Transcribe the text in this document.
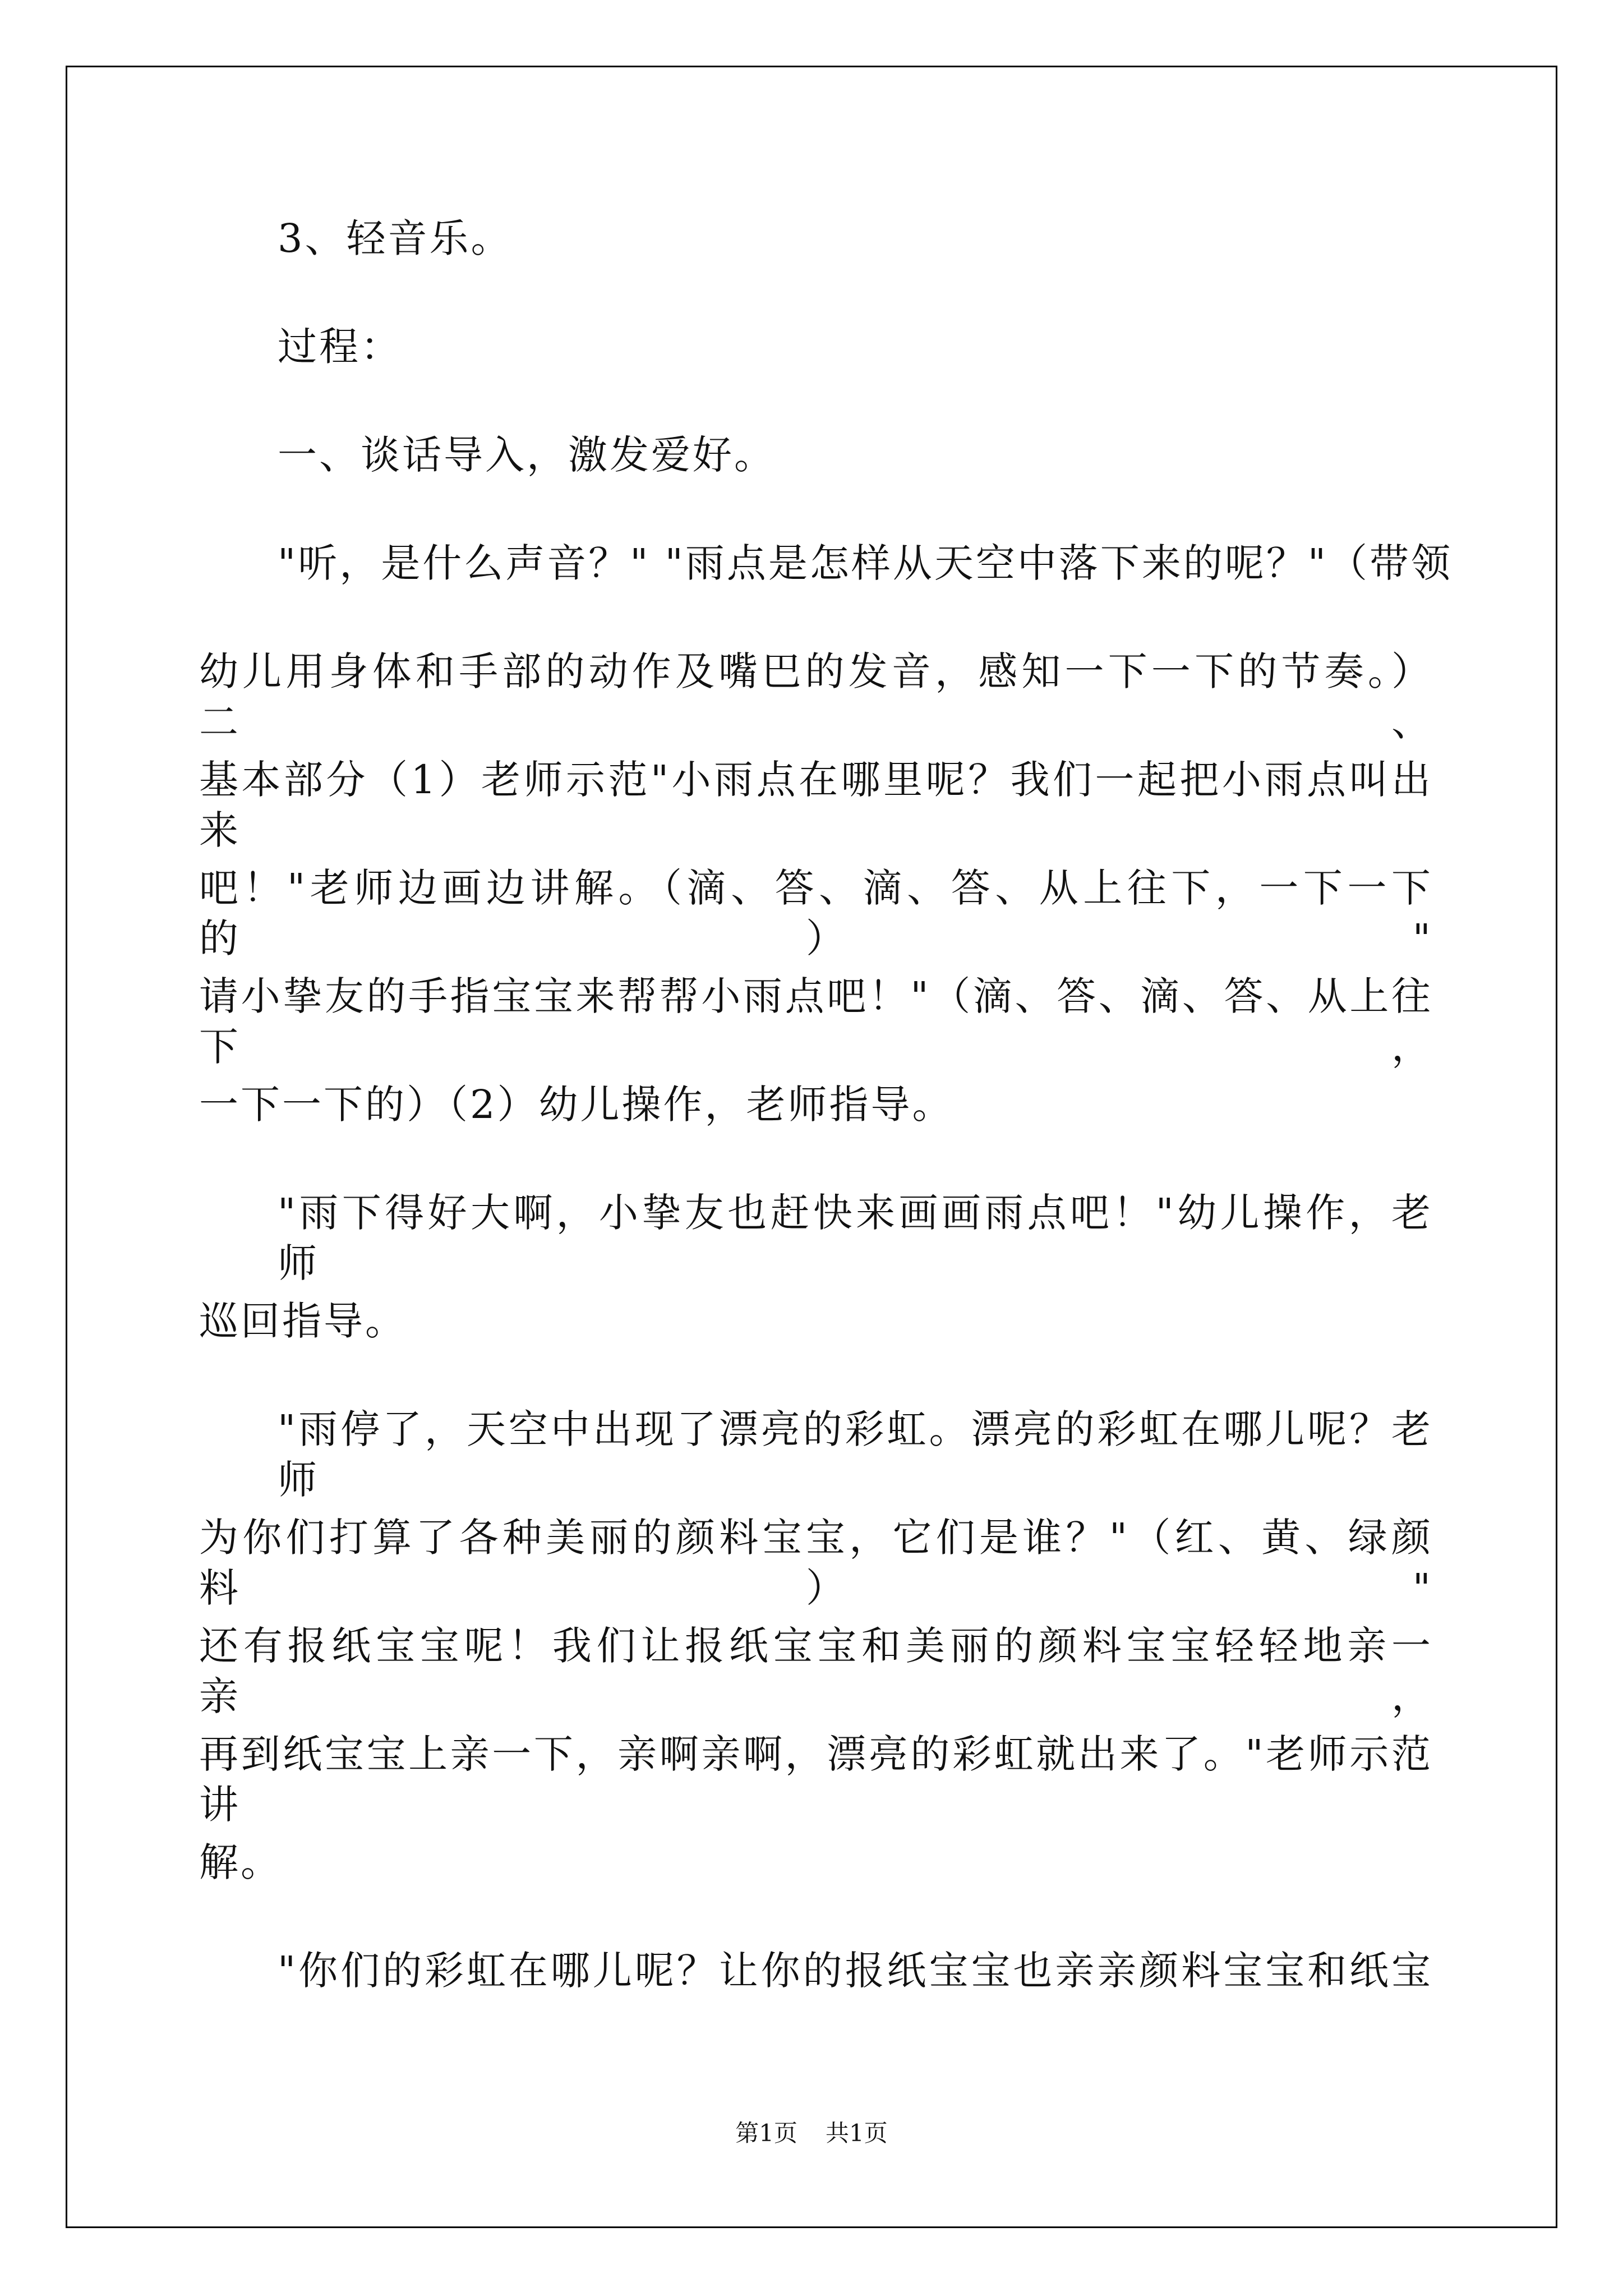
3、轻音乐。
过程：
一、谈话导入，激发爱好。
"听，是什么声音？" "雨点是怎样从天空中落下来的呢？"（带领
幼儿用身体和手部的动作及嘴巴的发音，感知一下一下的节奏。）二、
基本部分（1）老师示范"小雨点在哪里呢？我们一起把小雨点叫出来
吧！"老师边画边讲解。（滴、答、滴、答、从上往下，一下一下的）"
请小挚友的手指宝宝来帮帮小雨点吧！"（滴、答、滴、答、从上往下，
一下一下的）（2）幼儿操作，老师指导。
"雨下得好大啊，小挚友也赶快来画画雨点吧！"幼儿操作，老师
巡回指导。
"雨停了，天空中出现了漂亮的彩虹。漂亮的彩虹在哪儿呢？老师
为你们打算了各种美丽的颜料宝宝，它们是谁？"（红、黄、绿颜料）"
还有报纸宝宝呢！我们让报纸宝宝和美丽的颜料宝宝轻轻地亲一亲，
再到纸宝宝上亲一下，亲啊亲啊，漂亮的彩虹就出来了。"老师示范讲
解。
"你们的彩虹在哪儿呢？让你的报纸宝宝也亲亲颜料宝宝和纸宝
第1页 共1页
